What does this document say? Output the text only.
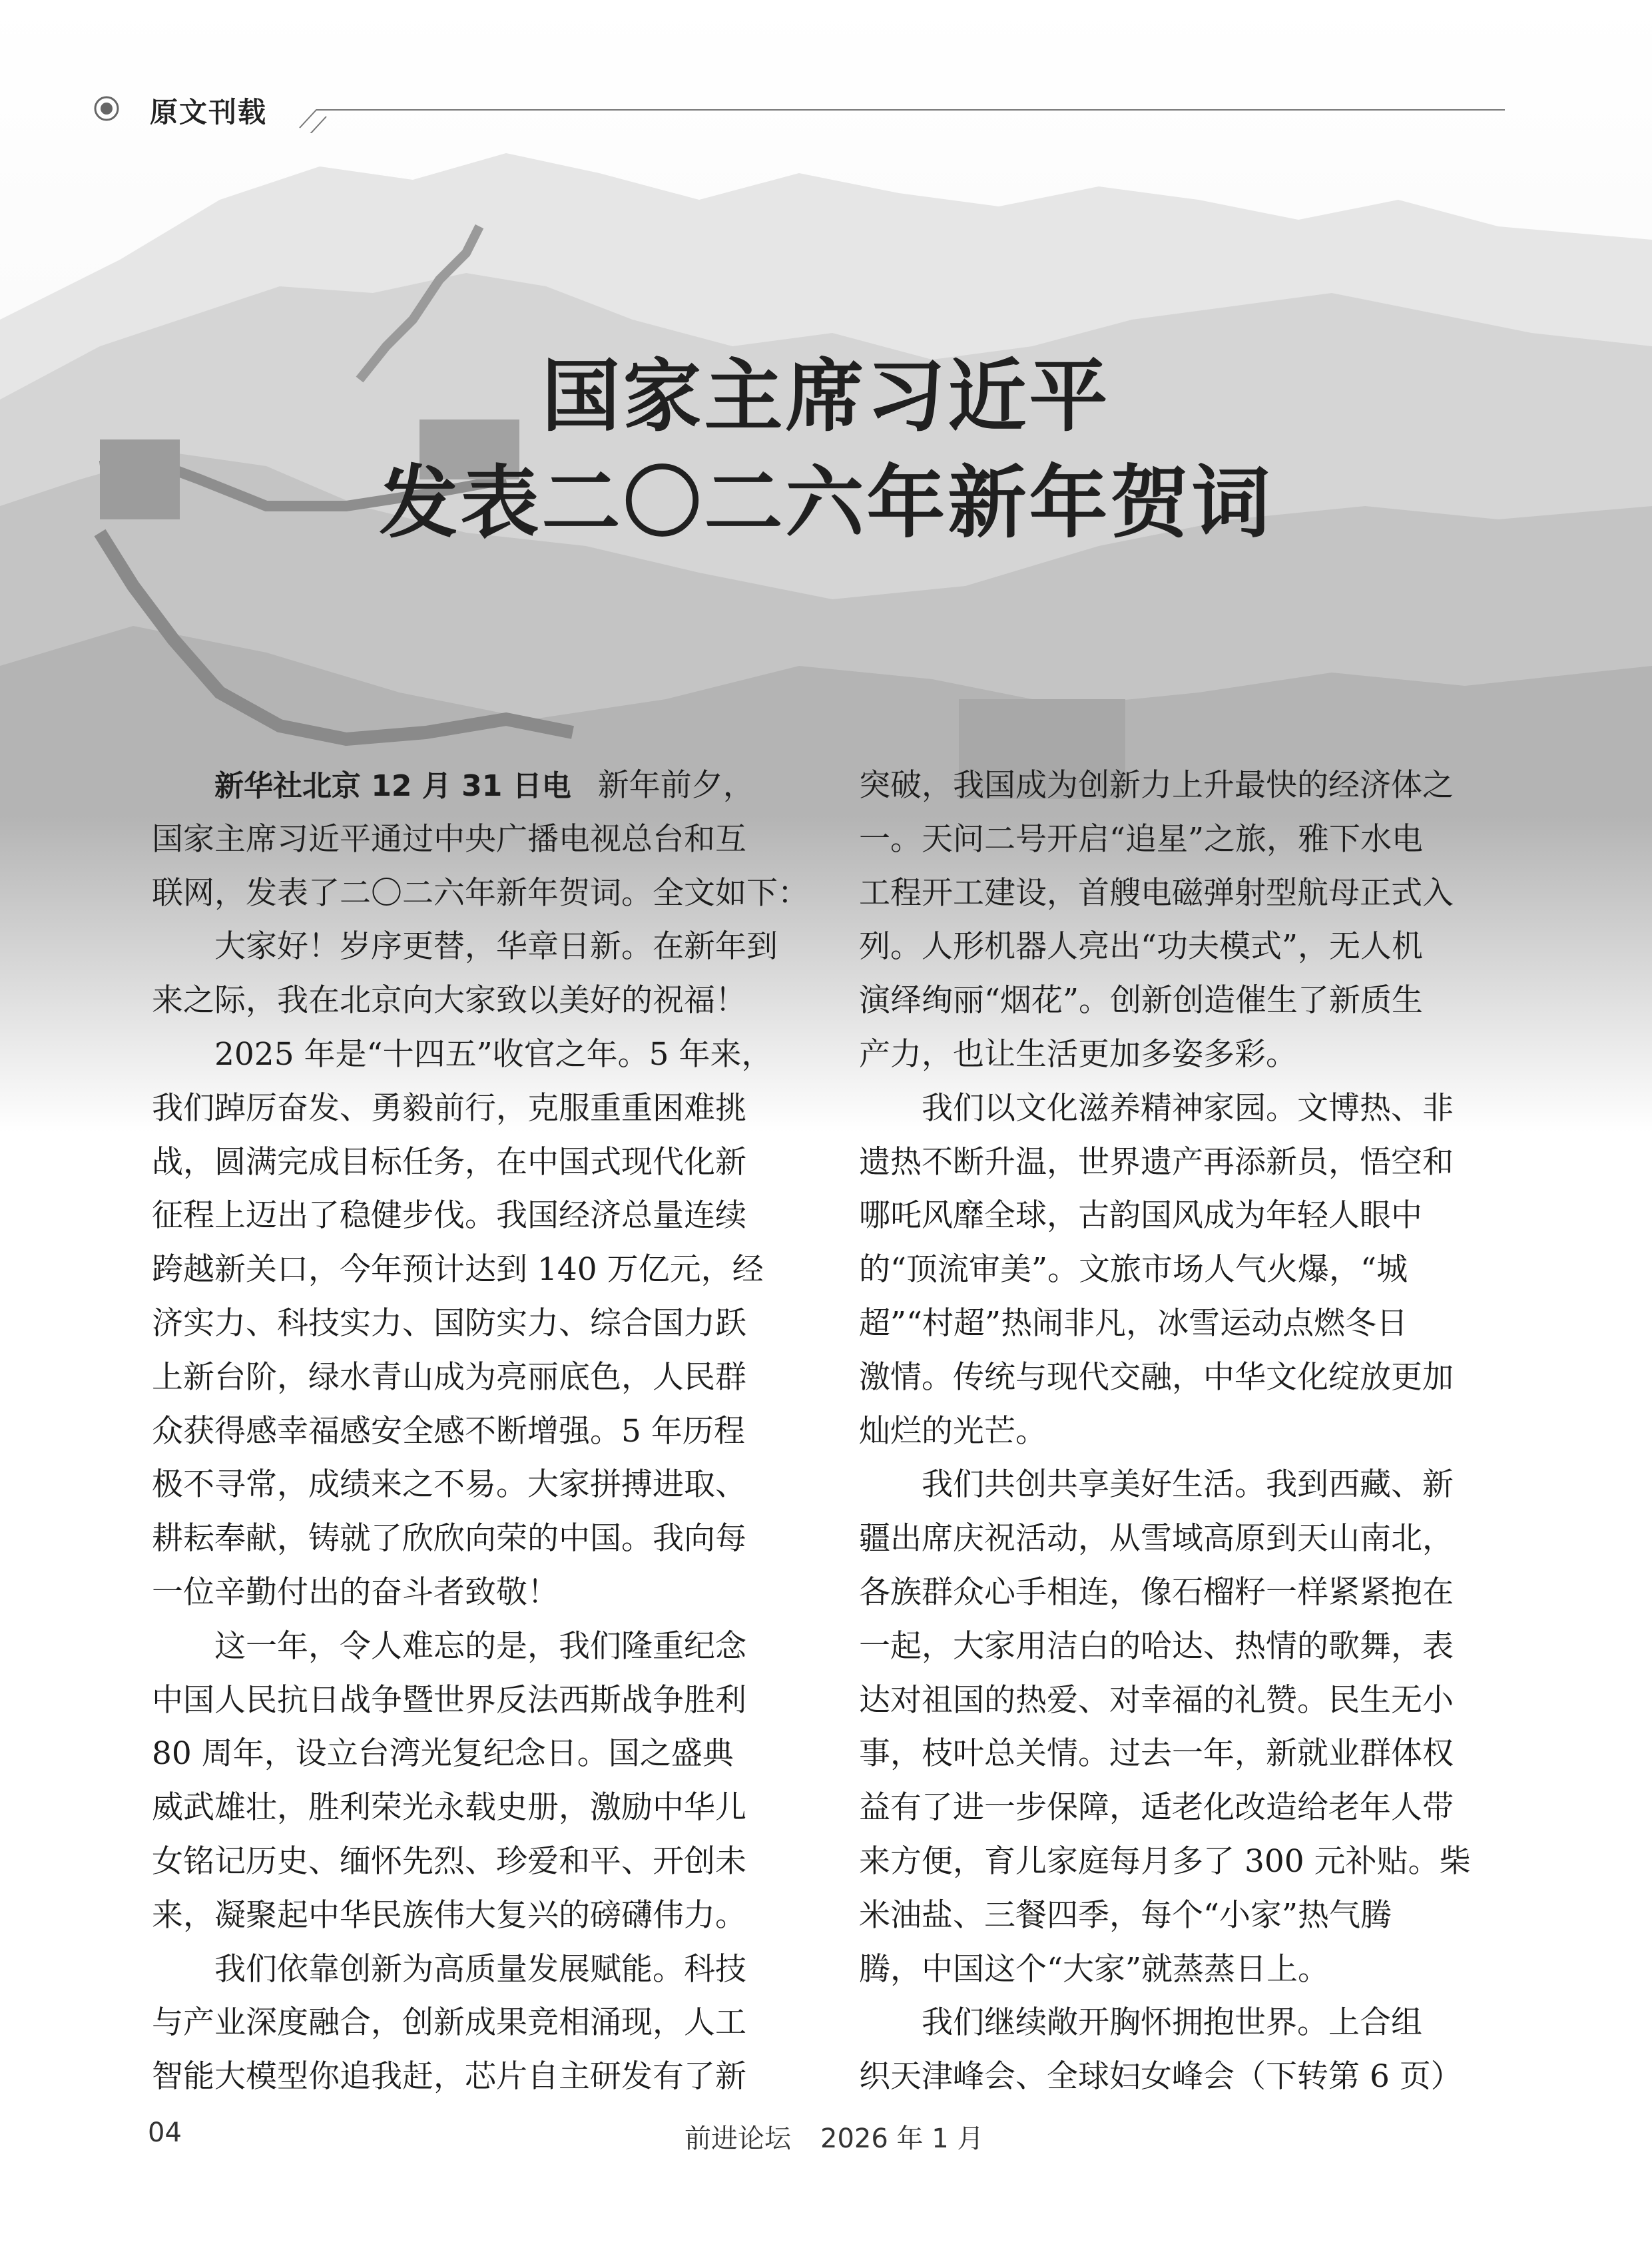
原文刊载
国家主席习近平
发表二〇二六年新年贺词
新华社北京 12 月 31 日电 新年前夕，
国家主席习近平通过中央广播电视总台和互
联网，发表了二〇二六年新年贺词。全文如下：
大家好！岁序更替，华章日新。在新年到
来之际，我在北京向大家致以美好的祝福！
2025 年是“十四五”收官之年。5 年来，
我们踔厉奋发、勇毅前行，克服重重困难挑
战，圆满完成目标任务，在中国式现代化新
征程上迈出了稳健步伐。我国经济总量连续
跨越新关口，今年预计达到 140 万亿元，经
济实力、科技实力、国防实力、综合国力跃
上新台阶，绿水青山成为亮丽底色，人民群
众获得感幸福感安全感不断增强。5 年历程
极不寻常，成绩来之不易。大家拼搏进取、
耕耘奉献，铸就了欣欣向荣的中国。我向每
一位辛勤付出的奋斗者致敬！
这一年，令人难忘的是，我们隆重纪念
中国人民抗日战争暨世界反法西斯战争胜利
80 周年，设立台湾光复纪念日。国之盛典
威武雄壮，胜利荣光永载史册，激励中华儿
女铭记历史、缅怀先烈、珍爱和平、开创未
来，凝聚起中华民族伟大复兴的磅礴伟力。
我们依靠创新为高质量发展赋能。科技
与产业深度融合，创新成果竞相涌现，人工
智能大模型你追我赶，芯片自主研发有了新
突破，我国成为创新力上升最快的经济体之
一。天问二号开启“追星”之旅，雅下水电
工程开工建设，首艘电磁弹射型航母正式入
列。人形机器人亮出“功夫模式”，无人机
演绎绚丽“烟花”。创新创造催生了新质生
产力，也让生活更加多姿多彩。
我们以文化滋养精神家园。文博热、非
遗热不断升温，世界遗产再添新员，悟空和
哪吒风靡全球，古韵国风成为年轻人眼中
的“顶流审美”。文旅市场人气火爆，“城
超”“村超”热闹非凡，冰雪运动点燃冬日
激情。传统与现代交融，中华文化绽放更加
灿烂的光芒。
我们共创共享美好生活。我到西藏、新
疆出席庆祝活动，从雪域高原到天山南北，
各族群众心手相连，像石榴籽一样紧紧抱在
一起，大家用洁白的哈达、热情的歌舞，表
达对祖国的热爱、对幸福的礼赞。民生无小
事，枝叶总关情。过去一年，新就业群体权
益有了进一步保障，适老化改造给老年人带
来方便，育儿家庭每月多了 300 元补贴。柴
米油盐、三餐四季，每个“小家”热气腾
腾，中国这个“大家”就蒸蒸日上。
我们继续敞开胸怀拥抱世界。上合组
织天津峰会、全球妇女峰会（下转第 6 页）
04	前进论坛 2026 年 1 月
